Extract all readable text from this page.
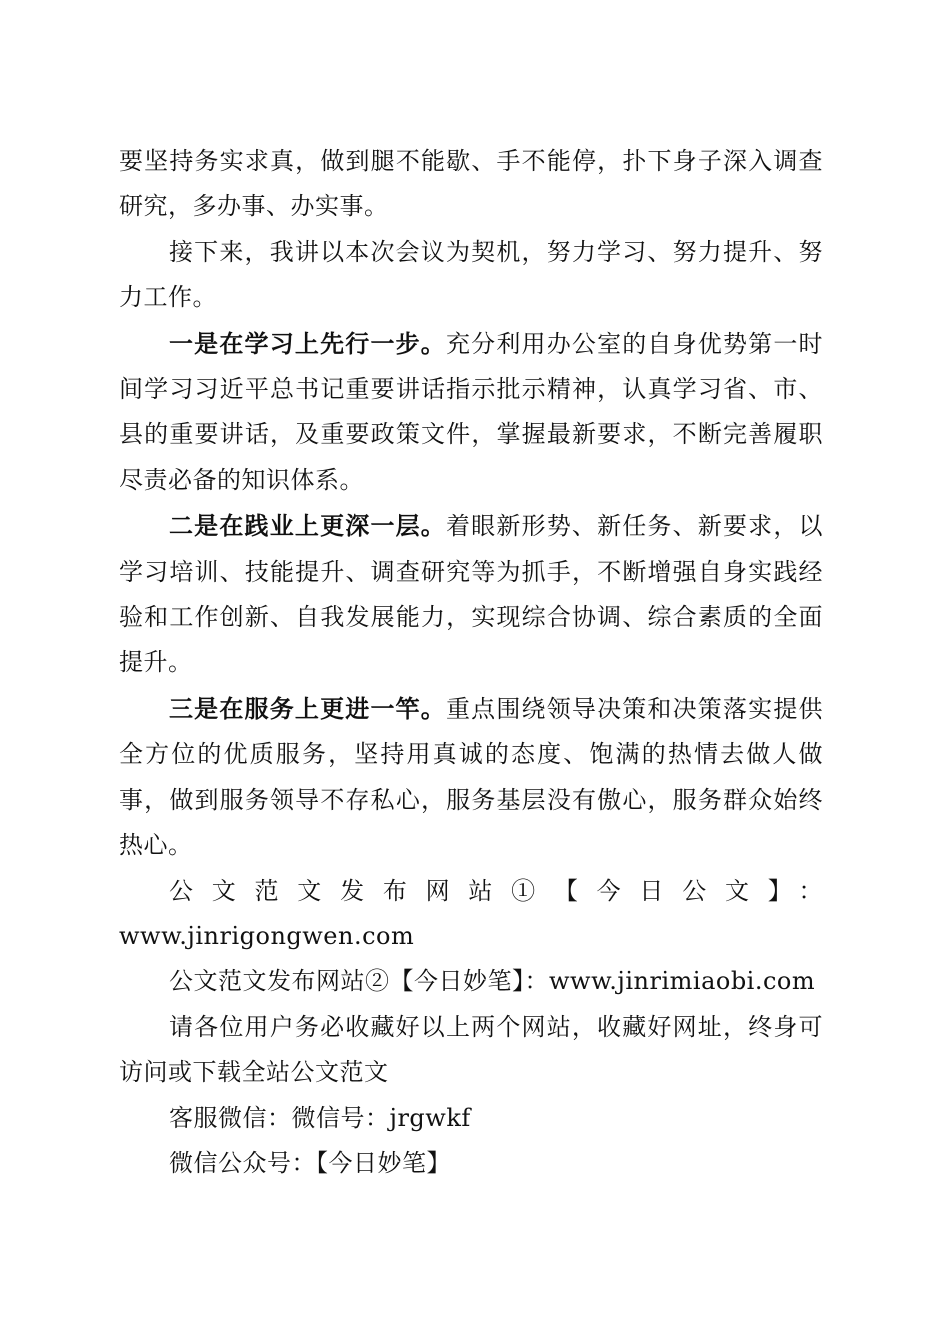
要坚持务实求真，做到腿不能歇、手不能停，扑下身子深入调查研究，多办事、办实事。

接下来，我讲以本次会议为契机，努力学习、努力提升、努力工作。

一是在学习上先行一步。充分利用办公室的自身优势第一时间学习习近平总书记重要讲话指示批示精神，认真学习省、市、县的重要讲话，及重要政策文件，掌握最新要求，不断完善履职尽责必备的知识体系。

二是在践业上更深一层。着眼新形势、新任务、新要求，以学习培训、技能提升、调查研究等为抓手，不断增强自身实践经验和工作创新、自我发展能力，实现综合协调、综合素质的全面提升。

三是在服务上更进一竿。重点围绕领导决策和决策落实提供全方位的优质服务，坚持用真诚的态度、饱满的热情去做人做事，做到服务领导不存私心，服务基层没有傲心，服务群众始终热心。

公文范文发布网站①【今日公文】：

www.jinrigongwen.com

公文范文发布网站②【今日妙笔】：www.jinrimiaobi.com

请各位用户务必收藏好以上两个网站，收藏好网址，终身可访问或下载全站公文范文

客服微信：微信号：jrgwkf

微信公众号：【今日妙笔】
